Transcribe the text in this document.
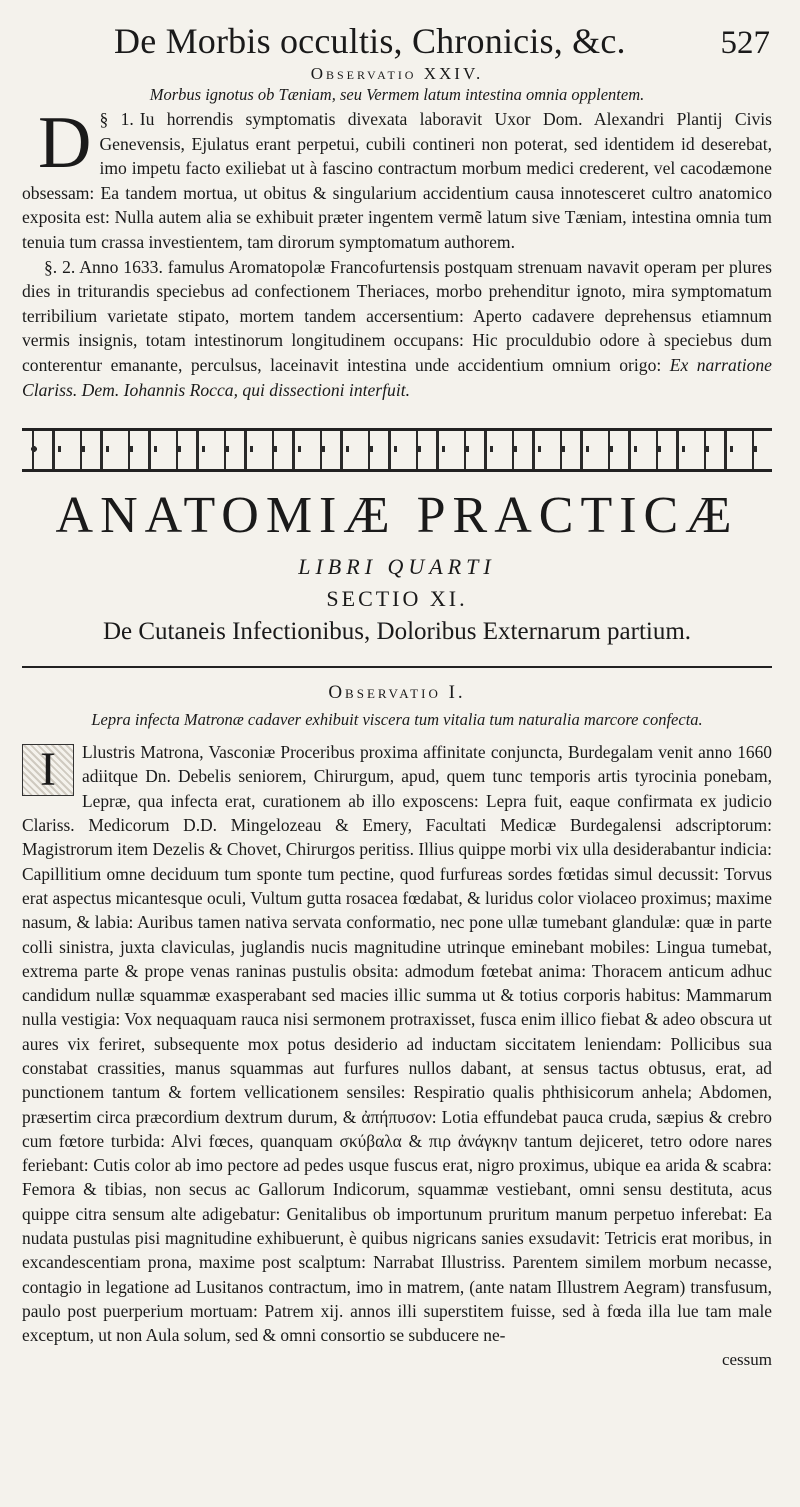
De Morbis occultis, Chronicis, &c.	527
Observatio XXIV.
Morbus ignotus ob Tæniam, seu Vermem latum intestina omnia opplentem.

§ 1.
D	Iu horrendis symptomatis divexata laboravit Uxor Dom. Alexandri Plantij Civis Genevensis, Ejulatus erant perpetui, cubili contineri non poterat, sed identidem id deserebat, imo impetu facto exiliebat ut à fascino contractum morbum medici crederent, vel cacodæmone obsessam: Ea tandem mortua, ut obitus & singularium accidentium causa innotesceret cultro anatomico exposita est: Nulla autem alia se exhibuit præter ingentem vermẽ latum sive Tæniam, intestina omnia tum tenuia tum crassa investientem, tam dirorum symptomatum authorem.

§. 2. Anno 1633. famulus Aromatopolæ Francofurtensis postquam strenuam navavit operam per plures dies in triturandis speciebus ad confectionem Theriaces, morbo prehenditur ignoto, mira symptomatum terribilium varietate stipato, mortem tandem accersentium: Aperto cadavere deprehensus etiamnum vermis insignis, totam intestinorum longitudinem occupans: Hic proculdubio odore à speciebus dum conterentur emanante, perculsus, laceinavit intestina unde accidentium omnium origo: Ex narratione Clariss. Dem. Iohannis Rocca, qui dissectioni interfuit.

ANATOMIÆ PRACTICÆ
LIBRI QUARTI
SECTIO XI.
De Cutaneis Infectionibus, Doloribus Externarum partium.
Observatio I.
Lepra infecta Matronæ cadaver exhibuit viscera tum vitalia tum naturalia marcore confecta.

I	Llustris Matrona, Vasconiæ Proceribus proxima affinitate conjuncta, Burdegalam venit anno 1660 adiitque Dn. Debelis seniorem, Chirurgum, apud, quem tunc temporis artis tyrocinia ponebam, Lepræ, qua infecta erat, curationem ab illo exposcens: Lepra fuit, eaque confirmata ex judicio Clariss. Medicorum D.D. Mingelozeau & Emery, Facultati Medicæ Burdegalensi adscriptorum: Magistrorum item Dezelis & Chovet, Chirurgos peritiss. Illius quippe morbi vix ulla desiderabantur indicia: Capillitium omne deciduum tum sponte tum pectine, quod furfureas sordes fœtidas simul decussit: Torvus erat aspectus micantesque oculi, Vultum gutta rosacea fœdabat, & luridus color violaceo proximus; maxime nasum, & labia: Auribus tamen nativa servata conformatio, nec pone ullæ tumebant glandulæ: quæ in parte colli sinistra, juxta claviculas, juglandis nucis magnitudine utrinque eminebant mobiles: Lingua tumebat, extrema parte & prope venas raninas pustulis obsita: admodum fœtebat anima: Thoracem anticum adhuc candidum nullæ squammæ exasperabant sed macies illic summa ut & totius corporis habitus: Mammarum nulla vestigia: Vox nequaquam rauca nisi sermonem protraxisset, fusca enim illico fiebat & adeo obscura ut aures vix feriret, subsequente mox potus desiderio ad inductam siccitatem leniendam: Pollicibus sua constabat crassities, manus squammas aut furfures nullos dabant, at sensus tactus obtusus, erat, ad punctionem tantum & fortem vellicationem sensiles: Respiratio qualis phthisicorum anhela; Abdomen, præsertim circa præcordium dextrum durum, & ἀπήπυσον: Lotia effundebat pauca cruda, sæpius & crebro cum fœtore turbida: Alvi fœces, quanquam σκύβαλα & πιρ ἀνάγκην tantum dejiceret, tetro odore nares feriebant: Cutis color ab imo pectore ad pedes usque fuscus erat, nigro proximus, ubique ea arida & scabra: Femora & tibias, non secus ac Gallorum Indicorum, squammæ vestiebant, omni sensu destituta, acus quippe citra sensum alte adigebatur: Genitalibus ob importunum pruritum manum perpetuo inferebat: Ea nudata pustulas pisi magnitudine exhibuerunt, è quibus nigricans sanies exsudavit: Tetricis erat moribus, in excandescentiam prona, maxime post scalptum: Narrabat Illustriss. Parentem similem morbum necasse, contagio in legatione ad Lusitanos contractum, imo in matrem, (ante natam Illustrem Aegram) transfusum, paulo post puerperium mortuam: Patrem xij. annos illi superstitem fuisse, sed à fœda illa lue tam male exceptum, ut non Aula solum, sed & omni consortio se subducere ne-

cessum
